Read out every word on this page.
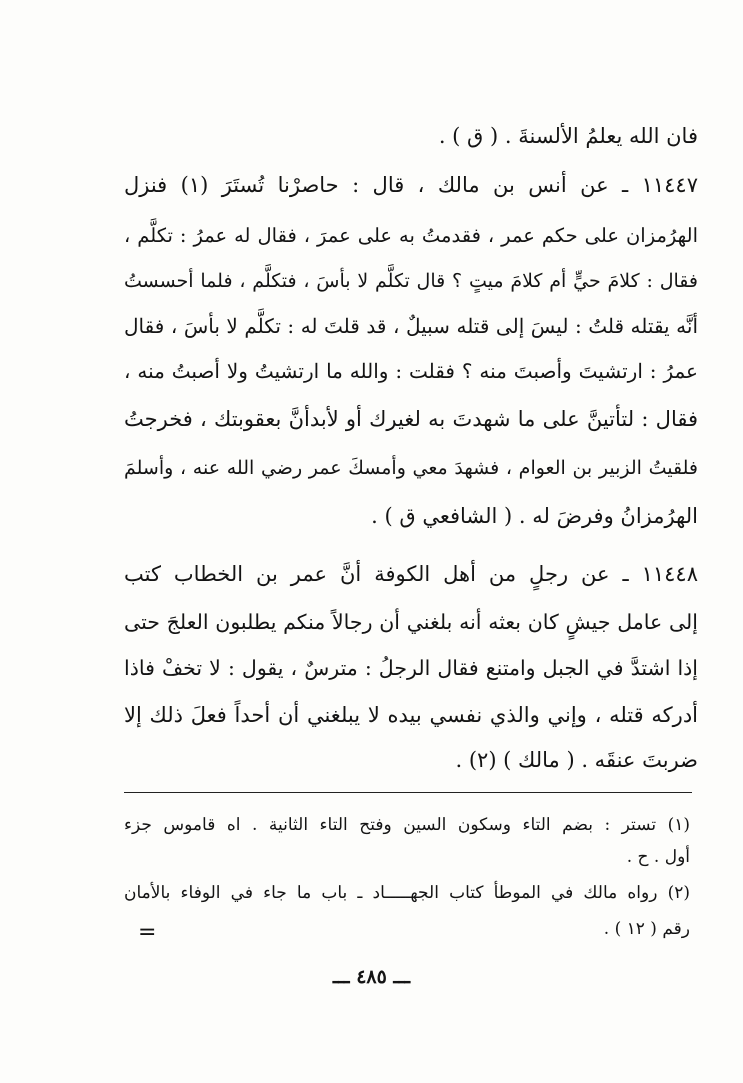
فان الله يعلمُ الألسنةَ . ( ق ) .
١١٤٤٧ ـ عن أنس بن مالك ، قال : حاصرْنا تُستَرَ (١) فنزل
الهرُمزان على حكم عمر ، فقدمتُ به على عمرَ ، فقال له عمرُ : تكلَّم ،
فقال : كلامَ حيٍّ أم كلامَ ميتٍ ؟ قال تكلَّم لا بأسَ ، فتكلَّم ، فلما أحسستُ
أنَّه يقتله قلتُ : ليسَ إلى قتله سبيلٌ ، قد قلتَ له : تكلَّم لا بأسَ ، فقال
عمرُ : ارتشيتَ وأصبتَ منه ؟ فقلت : والله ما ارتشيتُ ولا أصبتُ منه ،
فقال : لتأتينَّ على ما شهدتَ به لغيرك أو لأبدأنَّ بعقوبتك ، فخرجتُ
فلقيتُ الزبير بن العوام ، فشهدَ معي وأمسكَ عمر رضي الله عنه ، وأسلمَ
الهرُمزانُ وفرضَ له . ( الشافعي ق ) .
١١٤٤٨ ـ عن رجلٍ من أهل الكوفة أنَّ عمر بن الخطاب كتب
إلى عامل جيشٍ كان بعثه أنه بلغني أن رجالاً منكم يطلبون العلجَ حتى
إذا اشتدَّ في الجبل وامتنع فقال الرجلُ : مترسٌ ، يقول : لا تخفْ فاذا
أدركه قتله ، وإني والذي نفسي بيده لا يبلغني أن أحداً فعلَ ذلك إلا
ضربتَ عنقَه . ( مالك ) (٢) .
(١) تستر : بضم التاء وسكون السين وفتح التاء الثانية . اه قاموس جزء
أول . ح .
(٢) رواه مالك في الموطأ كتاب الجهـــــاد ـ باب ما جاء في الوفاء بالأمان
رقم ( ١٢ ) .
=
ـــ ٤٨٥ ـــ
